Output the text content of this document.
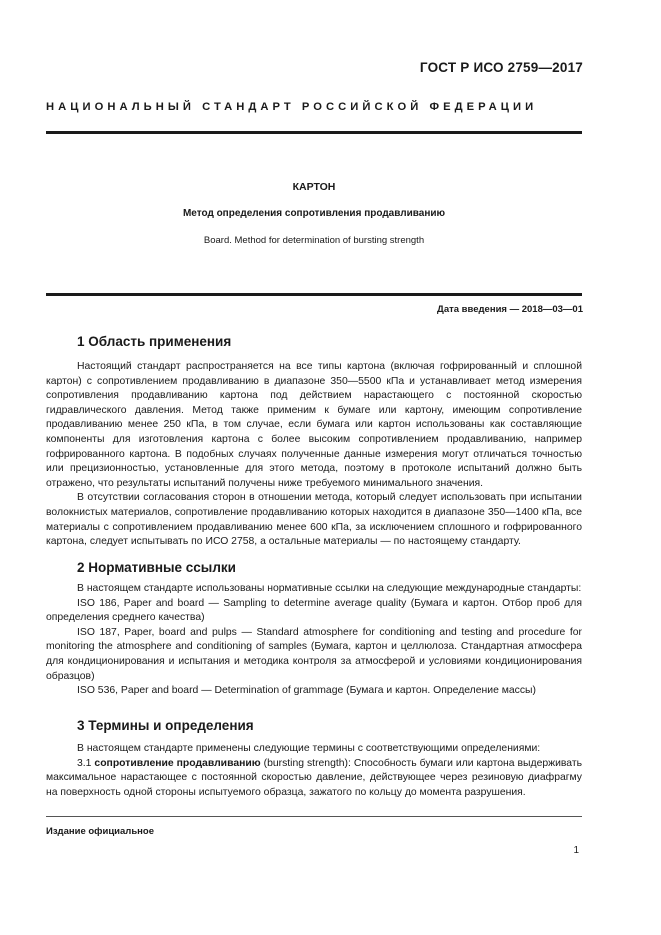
ГОСТ Р ИСО 2759—2017
НАЦИОНАЛЬНЫЙ СТАНДАРТ РОССИЙСКОЙ ФЕДЕРАЦИИ
КАРТОН
Метод определения сопротивления продавливанию
Board. Method for determination of bursting strength
Дата введения — 2018—03—01
1 Область применения

Настоящий стандарт распространяется на все типы картона (включая гофрированный и сплошной картон) с сопротивлением продавливанию в диапазоне 350—5500 кПа и устанавливает метод измерения сопротивления продавливанию картона под действием нарастающего с постоянной скоростью гидравлического давления. Метод также применим к бумаге или картону, имеющим сопротивление продавливанию менее 250 кПа, в том случае, если бумага или картон использованы как составляющие компоненты для изготовления картона с более высоким сопротивлением продавливанию, например гофрированного картона. В подобных случаях полученные данные измерения могут отличаться точностью или прецизионностью, установленные для этого метода, поэтому в протоколе испытаний должно быть отражено, что результаты испытаний получены ниже требуемого минимального значения.

В отсутствии согласования сторон в отношении метода, который следует использовать при испытании волокнистых материалов, сопротивление продавливанию которых находится в диапазоне 350—1400 кПа, все материалы с сопротивлением продавливанию менее 600 кПа, за исключением сплошного и гофрированного картона, следует испытывать по ИСО 2758, а остальные материалы — по настоящему стандарту.

2 Нормативные ссылки

В настоящем стандарте использованы нормативные ссылки на следующие международные стандарты:

ISO 186, Paper and board — Sampling to determine average quality (Бумага и картон. Отбор проб для определения среднего качества)

ISO 187, Paper, board and pulps — Standard atmosphere for conditioning and testing and procedure for monitoring the atmosphere and conditioning of samples (Бумага, картон и целлюлоза. Стандартная атмосфера для кондиционирования и испытания и методика контроля за атмосферой и условиями кондиционирования образцов)

ISO 536, Paper and board — Determination of grammage (Бумага и картон. Определение массы)

3 Термины и определения

В настоящем стандарте применены следующие термины с соответствующими определениями:

3.1 сопротивление продавливанию (bursting strength): Способность бумаги или картона выдерживать максимальное нарастающее с постоянной скоростью давление, действующее через резиновую диафрагму на поверхность одной стороны испытуемого образца, зажатого по кольцу до момента разрушения.

Издание официальное
1
